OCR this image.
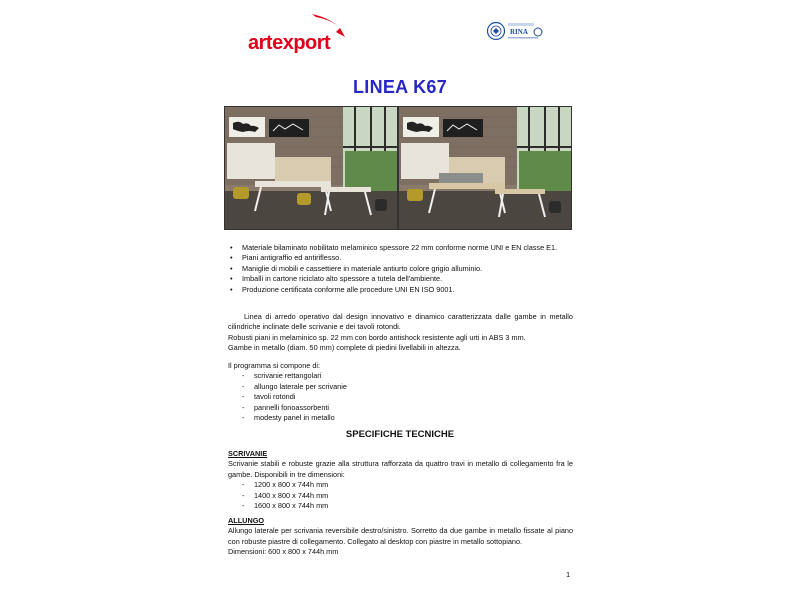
artexport	RINA
LINEA K67
• Materiale bilaminato nobilitato melaminico spessore 22 mm conforme norme UNI e EN classe E1.
• Piani antigraffio ed antiriflesso.
• Maniglie di mobili e cassettiere in materiale antiurto colore grigio alluminio.
• Imballi in cartone riciclato alto spessore a tutela dell'ambiente.
• Produzione certificata conforme alle procedure UNI EN ISO 9001.

Linea di arredo operativo dal design innovativo e dinamico caratterizzata dalle gambe in metallo cilindriche inclinate delle scrivanie e dei tavoli rotondi.

Robusti piani in melaminico sp. 22 mm con bordo antishock resistente agli urti in ABS 3 mm.

Gambe in metallo (diam. 50 mm) complete di piedini livellabili in altezza.

Il programma si compone di:

- scrivanie rettangolari
- allungo laterale per scrivanie
- tavoli rotondi
- pannelli fonoassorbenti
- modesty panel in metallo
SPECIFICHE TECNICHE
SCRIVANIE

Scrivanie stabili e robuste grazie alla struttura rafforzata da quattro travi in metallo di collegamento fra le gambe. Disponibili in tre dimensioni:

- 1200 x 800 x 744h mm
- 1400 x 800 x 744h mm
- 1600 x 800 x 744h mm
ALLUNGO

Allungo laterale per scrivania reversibile destro/sinistro. Sorretto da due gambe in metallo fissate al piano con robuste piastre di collegamento. Collegato al desktop con piastre in metallo sottopiano.

Dimensioni: 600 x 800 x 744h mm

1
